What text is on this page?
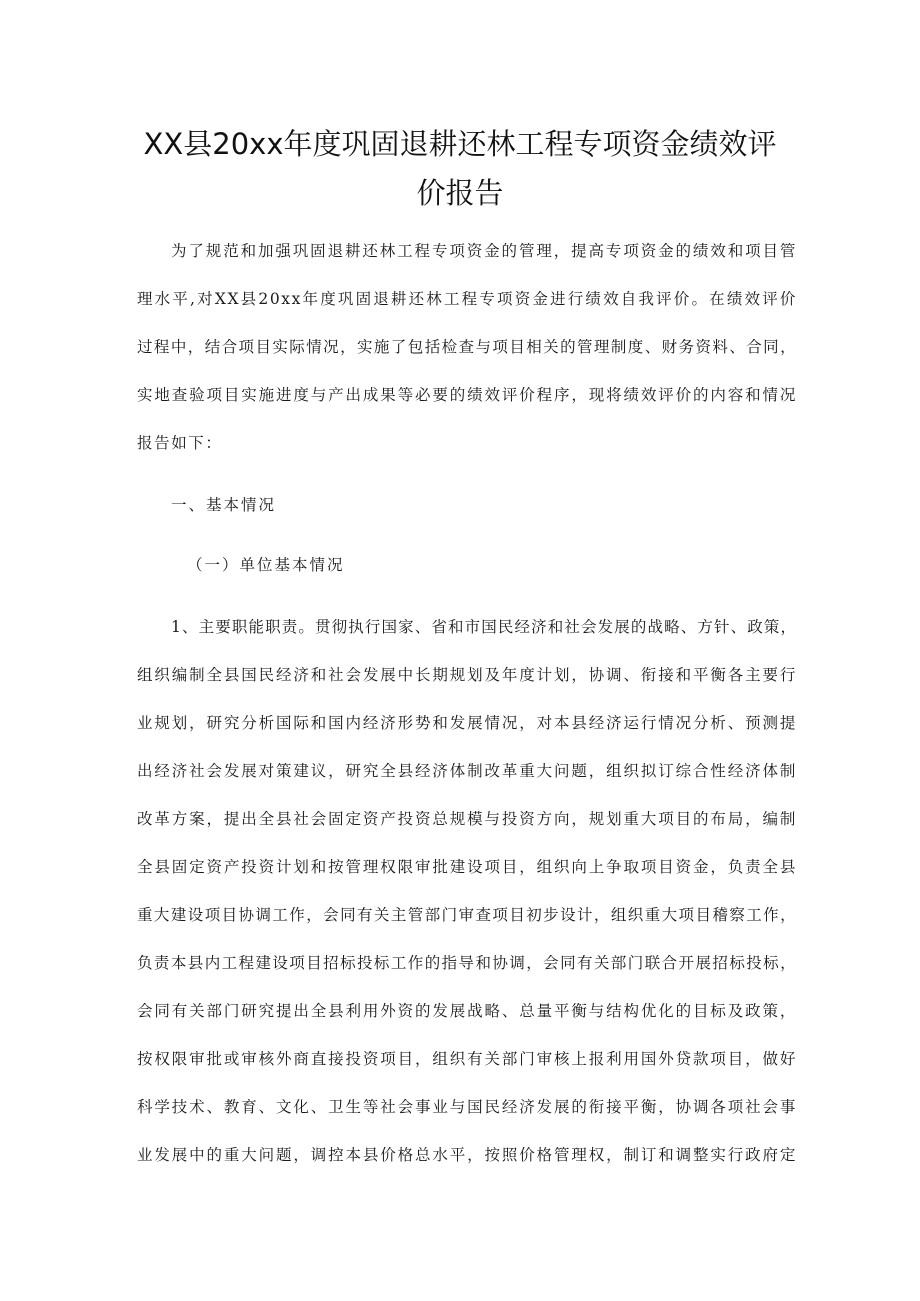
XX县20xx年度巩固退耕还林工程专项资金绩效评
价报告
为了规范和加强巩固退耕还林工程专项资金的管理，提高专项资金的绩效和项目管
理水平,对XX县20xx年度巩固退耕还林工程专项资金进行绩效自我评价。在绩效评价
过程中，结合项目实际情况，实施了包括检查与项目相关的管理制度、财务资料、合同，
实地查验项目实施进度与产出成果等必要的绩效评价程序，现将绩效评价的内容和情况
报告如下：
一、基本情况
（一）单位基本情况
1、主要职能职责。贯彻执行国家、省和市国民经济和社会发展的战略、方针、政策，
组织编制全县国民经济和社会发展中长期规划及年度计划，协调、衔接和平衡各主要行
业规划，研究分析国际和国内经济形势和发展情况，对本县经济运行情况分析、预测提
出经济社会发展对策建议，研究全县经济体制改革重大问题，组织拟订综合性经济体制
改革方案，提出全县社会固定资产投资总规模与投资方向，规划重大项目的布局，编制
全县固定资产投资计划和按管理权限审批建设项目，组织向上争取项目资金，负责全县
重大建设项目协调工作，会同有关主管部门审查项目初步设计，组织重大项目稽察工作，
负责本县内工程建设项目招标投标工作的指导和协调，会同有关部门联合开展招标投标，
会同有关部门研究提出全县利用外资的发展战略、总量平衡与结构优化的目标及政策，
按权限审批或审核外商直接投资项目，组织有关部门审核上报利用国外贷款项目，做好
科学技术、教育、文化、卫生等社会事业与国民经济发展的衔接平衡，协调各项社会事
业发展中的重大问题，调控本县价格总水平，按照价格管理权，制订和调整实行政府定
